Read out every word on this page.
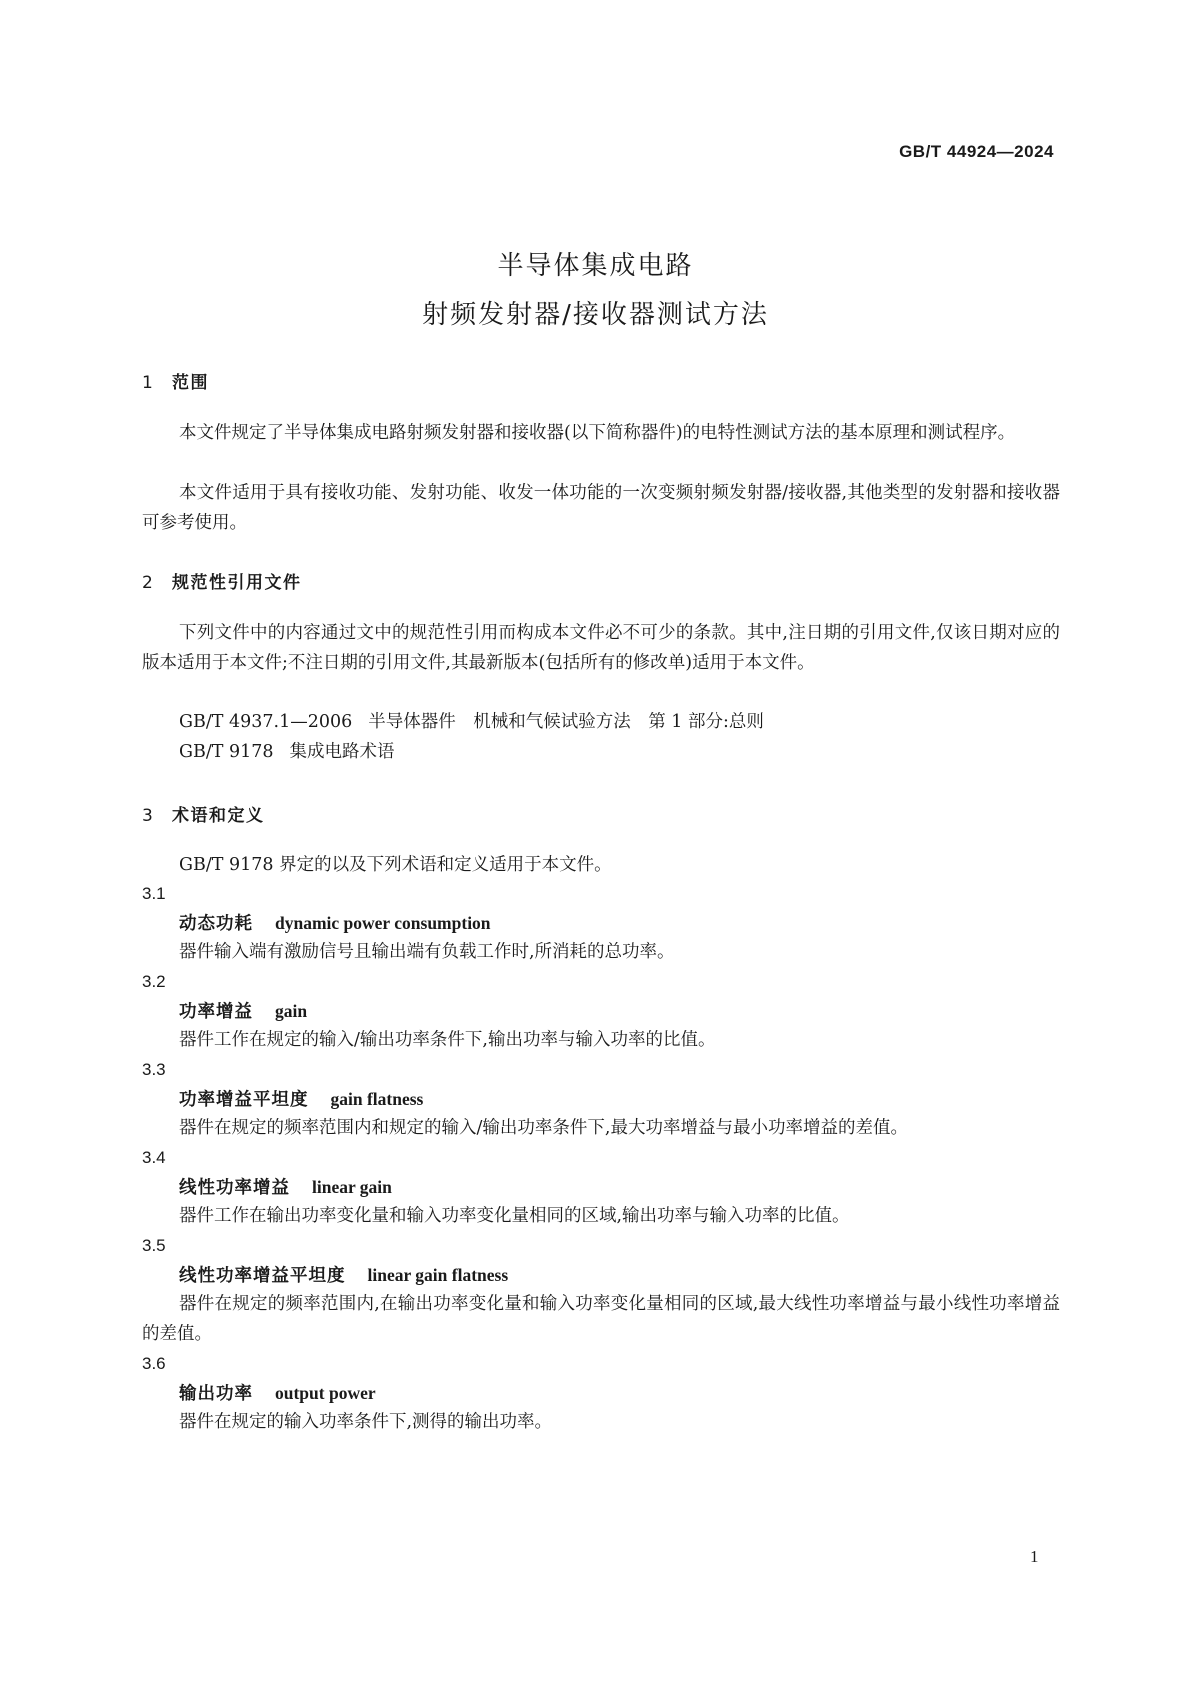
GB/T 44924—2024
半导体集成电路
射频发射器/接收器测试方法
1 范围
本文件规定了半导体集成电路射频发射器和接收器(以下简称器件)的电特性测试方法的基本原理和测试程序。
本文件适用于具有接收功能、发射功能、收发一体功能的一次变频射频发射器/接收器,其他类型的发射器和接收器可参考使用。
2 规范性引用文件
下列文件中的内容通过文中的规范性引用而构成本文件必不可少的条款。其中,注日期的引用文件,仅该日期对应的版本适用于本文件;不注日期的引用文件,其最新版本(包括所有的修改单)适用于本文件。
GB/T 4937.1—2006 半导体器件　机械和气候试验方法　第 1 部分:总则
GB/T 9178 集成电路术语
3 术语和定义
GB/T 9178 界定的以及下列术语和定义适用于本文件。
3.1
动态功耗 dynamic power consumption
器件输入端有激励信号且输出端有负载工作时,所消耗的总功率。
3.2
功率增益 gain
器件工作在规定的输入/输出功率条件下,输出功率与输入功率的比值。
3.3
功率增益平坦度 gain flatness
器件在规定的频率范围内和规定的输入/输出功率条件下,最大功率增益与最小功率增益的差值。
3.4
线性功率增益 linear gain
器件工作在输出功率变化量和输入功率变化量相同的区域,输出功率与输入功率的比值。
3.5
线性功率增益平坦度 linear gain flatness
器件在规定的频率范围内,在输出功率变化量和输入功率变化量相同的区域,最大线性功率增益与最小线性功率增益的差值。
3.6
输出功率 output power
器件在规定的输入功率条件下,测得的输出功率。
1
